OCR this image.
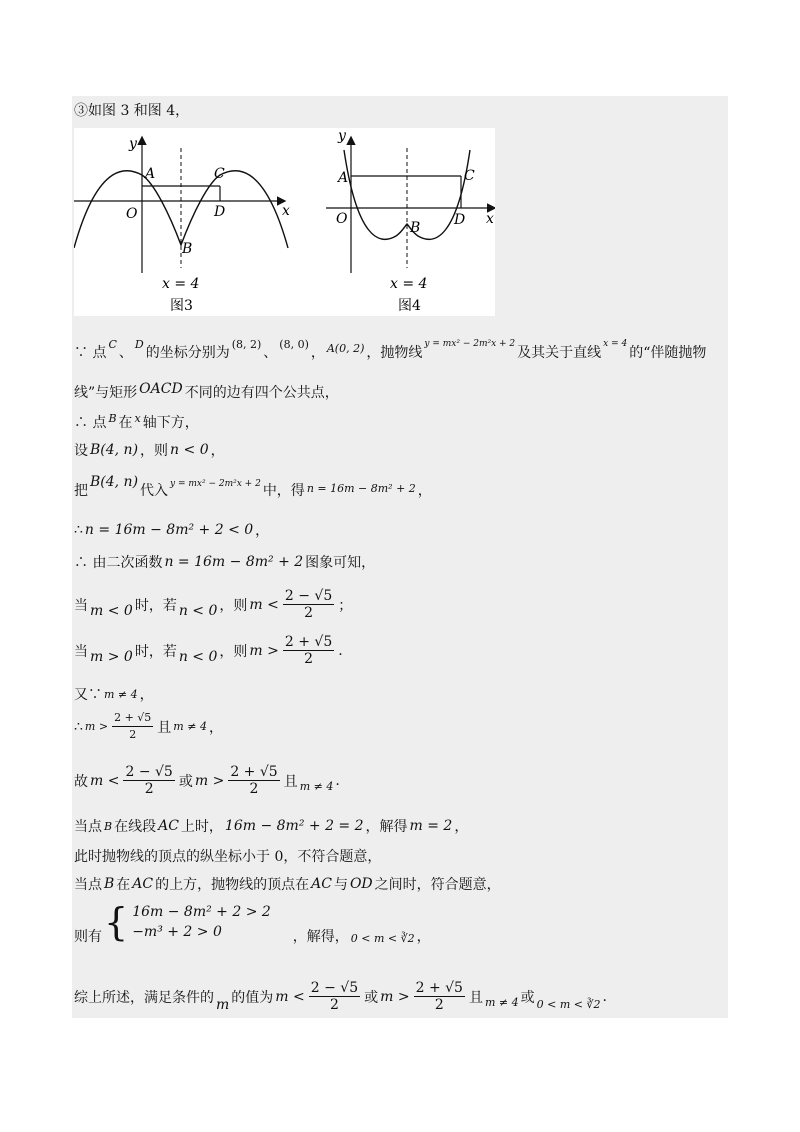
③如图 3 和图 4，
y
x
O
A
B
C
D
x = 4
图3
y
x
O
A
B
C
D
x = 4
图4
∵ 点
C
、
D
的坐标分别为
(8, 2)
、
(8, 0)
， A(0, 2) ，抛物线
y = mx² − 2m²x + 2
及其关于直线
x = 4
的“伴随抛物
线”与矩形 OACD 不同的边有四个公共点，
∴ 点 B 在 x 轴下方，
设 B(4, n) ，则 n < 0 ，
把
B(4, n)
代入 y = mx² − 2m²x + 2 中，得 n = 16m − 8m² + 2 ，
∴ n = 16m − 8m² + 2 < 0 ，
∴ 由二次函数 n = 16m − 8m² + 2 图象可知，
当 m < 0 时，若 n < 0 ，则 $m < \frac{2 - √5}{2}$ ；
当 m > 0 时，若 n < 0 ，则 $m > \frac{2 + √5}{2}$ .
又∵ m ≠ 4 ，
∴ $m > \frac{2 + √5}{2}$ 且 m ≠ 4 ，
故 $m < \frac{2 - √5}{2}$ 或 $m > \frac{2 + √5}{2}$ 且 m ≠ 4 .
当点 B 在线段 AC 上时， 16m − 8m² + 2 = 2 ，解得 m = 2 ，
此时抛物线的顶点的纵坐标小于 0，不符合题意，
当点 B 在 AC 的上方，抛物线的顶点在 AC 与 OD 之间时，符合题意，
则有 { 16m − 8m² + 2 > 2
−m³ + 2 > 0	，解得， 0 < m < ∛2 ，
综上所述，满足条件的 m 的值为 $m < \frac{2 - √5}{2}$ 或 $m > \frac{2 + √5}{2}$ 且 m ≠ 4 或 0 < m < ∛2 .
